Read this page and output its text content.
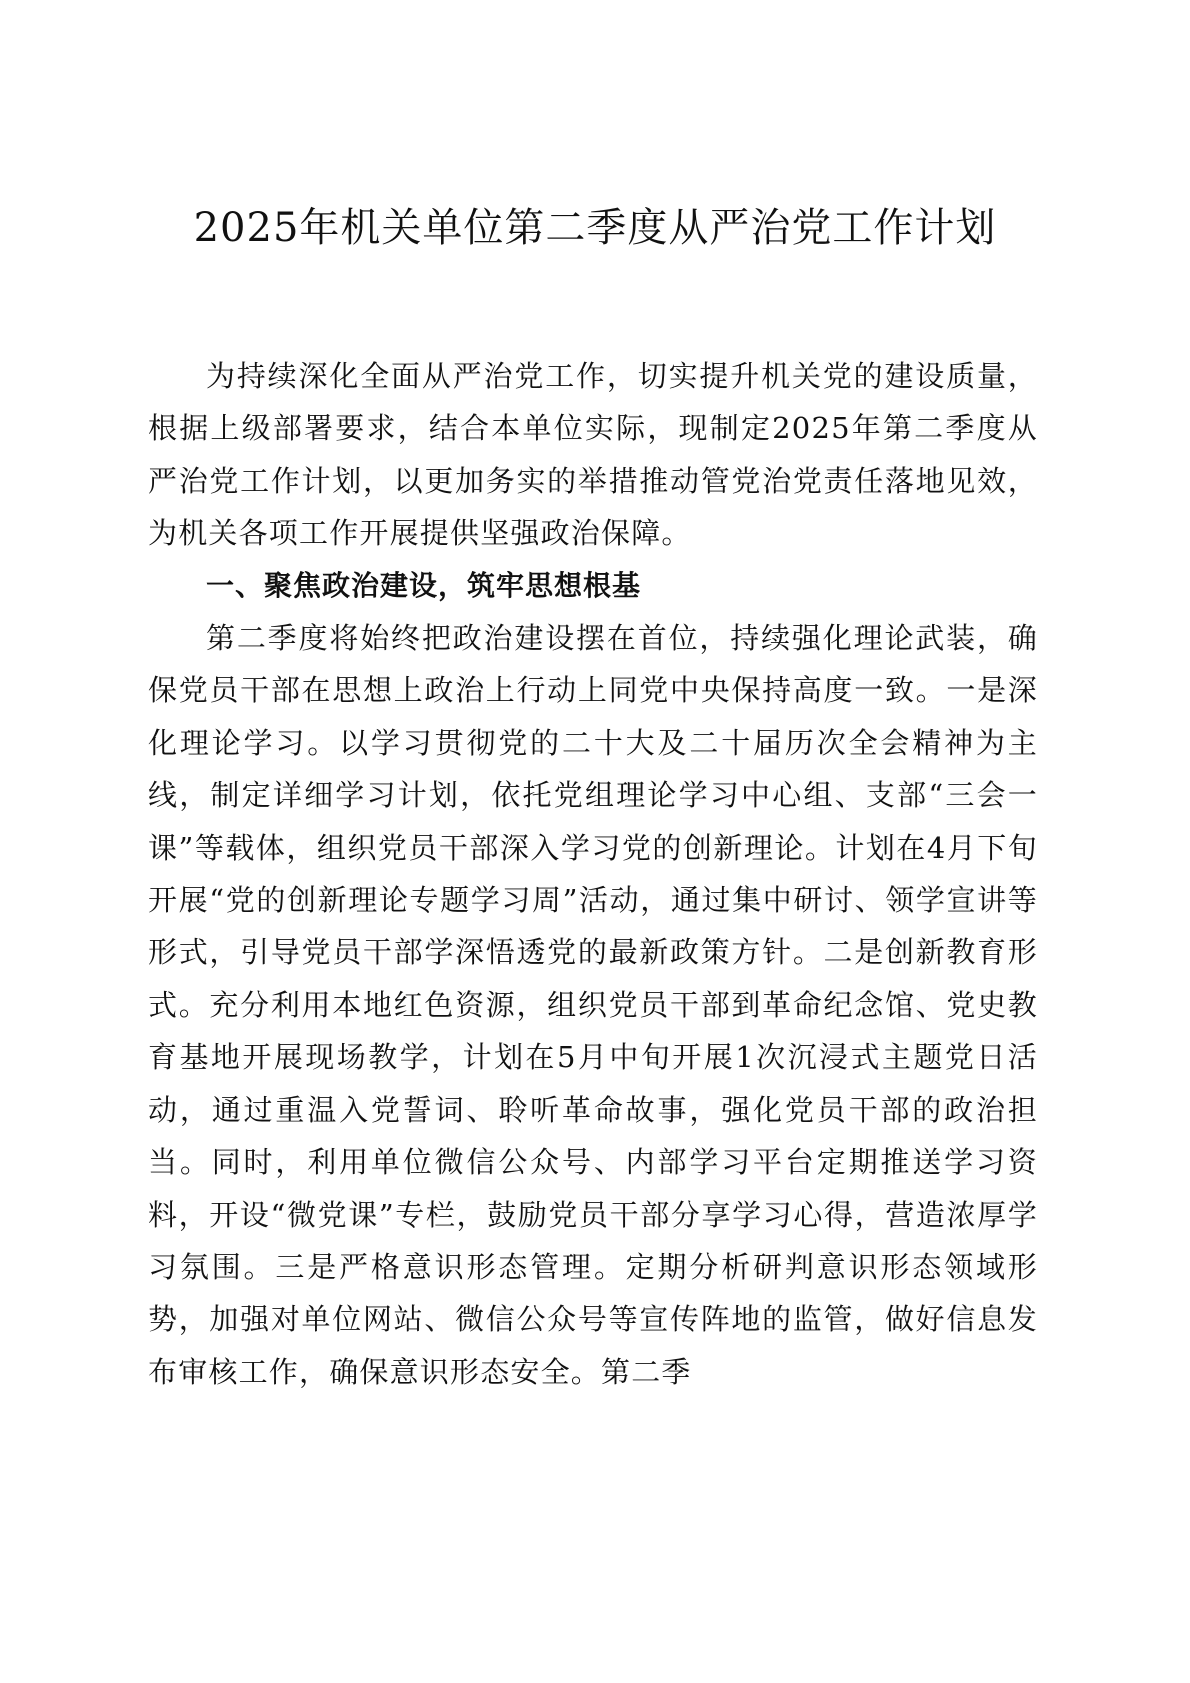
2025年机关单位第二季度从严治党工作计划

为持续深化全面从严治党工作，切实提升机关党的建设质量，根据上级部署要求，结合本单位实际，现制定2025年第二季度从严治党工作计划，以更加务实的举措推动管党治党责任落地见效，为机关各项工作开展提供坚强政治保障。

一、聚焦政治建设，筑牢思想根基

第二季度将始终把政治建设摆在首位，持续强化理论武装，确保党员干部在思想上政治上行动上同党中央保持高度一致。一是深化理论学习。以学习贯彻党的二十大及二十届历次全会精神为主线，制定详细学习计划，依托党组理论学习中心组、支部“三会一课”等载体，组织党员干部深入学习党的创新理论。计划在4月下旬开展“党的创新理论专题学习周”活动，通过集中研讨、领学宣讲等形式，引导党员干部学深悟透党的最新政策方针。二是创新教育形式。充分利用本地红色资源，组织党员干部到革命纪念馆、党史教育基地开展现场教学，计划在5月中旬开展1次沉浸式主题党日活动，通过重温入党誓词、聆听革命故事，强化党员干部的政治担当。同时，利用单位微信公众号、内部学习平台定期推送学习资料，开设“微党课”专栏，鼓励党员干部分享学习心得，营造浓厚学习氛围。三是严格意识形态管理。定期分析研判意识形态领域形势，加强对单位网站、微信公众号等宣传阵地的监管，做好信息发布审核工作，确保意识形态安全。第二季
